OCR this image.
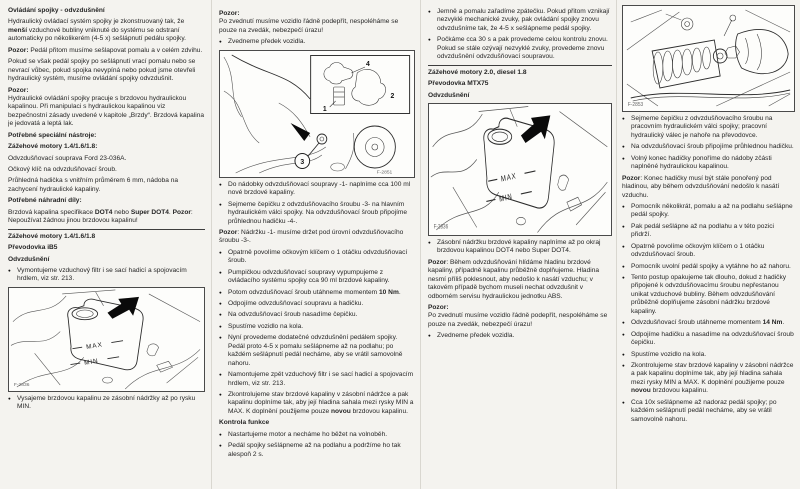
Ovládání spojky - odvzdušnění
Hydraulický ovládací systém spojky je zkonstruovaný tak, že menší vzduchové bubliny vniknuté do systému se odstraní automaticky po několikerém (4-5 x) sešlápnutí pedálu spojky.
Pozor: Pedál přitom musíme sešlapovat pomalu a v celém zdvihu.
Pokud se však pedál spojky po sešlápnutí vrací pomalu nebo se nevrací vůbec, pokud spojka nevypíná nebo pokud jsme otevřeli hydraulický systém, musíme ovládání spojky odvzdušnit.
Pozor:
Hydraulické ovládání spojky pracuje s brzdovou hydraulickou kapalinou. Při manipulaci s hydraulickou kapalinou viz bezpečnostní zásady uvedené v kapitole „Brzdy“. Brzdová kapalina je jedovatá a leptá lak.
Potřebné speciální nástroje:
Zážehové motory 1.4/1.6/1.8:
Odvzdušňovací souprava Ford 23-036A.
Očkový klíč na odvzdušňovací šroub.
Průhledná hadička s vnitřním průměrem 6 mm, nádoba na zachycení hydraulické kapaliny.
Potřebné náhradní díly:
Brzdová kapalina specifikace DOT4 nebo Super DOT4. Pozor: Nepoužívat žádnou jinou brzdovou kapalinu!
Zážehové motory 1.4/1.6/1.8
Převodovka iB5
Odvzdušnění
● Vymontujeme vzduchový filtr i se sací hadicí a spojovacím hrdlem, viz str. 213.
MAX
MIN
F-2836
● Vysajeme brzdovou kapalinu ze zásobní nádržky až po rysku MIN.
Pozor:
Po zvednutí musíme vozidlo řádně podepřít, nespoléháme se pouze na zvedák, nebezpečí úrazu!
● Zvedneme předek vozidla.
4
2
1
3
F-2851
● Do nádobky odvzdušňovací soupravy -1- naplníme cca 100 ml nové brzdové kapaliny.
● Sejmeme čepičku z odvzdušňovacího šroubu -3- na hlavním hydraulickém válci spojky. Na odvzdušňovací šroub připojíme průhlednou hadičku -4-.
Pozor: Nádržku -1- musíme držet pod úrovní odvzdušňovacího šroubu -3-.
● Opatrně povolíme očkovým klíčem o 1 otáčku odvzdušňovací šroub.
● Pumpičkou odvzdušňovací soupravy vypumpujeme z ovládacího systému spojky cca 90 ml brzdové kapaliny.
● Potom odvzdušňovací šroub utáhneme momentem 10 Nm.
● Odpojíme odvzdušňovací soupravu a hadičku.
● Na odvzdušňovací šroub nasadíme čepičku.
● Spustíme vozidlo na kola.
● Nyní provedeme dodatečné odvzdušnění pedálem spojky. Pedál proto 4-5 x pomalu sešlápneme až na podlahu; po každém sešlápnutí pedál necháme, aby se vrátil samovolně nahoru.
● Namontujeme zpět vzduchový filtr i se sací hadicí a spojovacím hrdlem, viz str. 213.
● Zkontrolujeme stav brzdové kapaliny v zásobní nádržce a pak kapalinu doplníme tak, aby její hladina sahala mezi rysky MIN a MAX. K doplnění použijeme pouze novou brzdovou kapalinu.
Kontrola funkce
● Nastartujeme motor a necháme ho běžet na volnoběh.
● Pedál spojky sešlápneme až na podlahu a podržíme ho tak alespoň 2 s.
● Jemně a pomalu zařadíme zpátečku. Pokud přitom vznikají nezvyklé mechanické zvuky, pak ovládání spojky znovu odvzdušníme tak, že 4-5 x sešlápneme pedál spojky.
● Počkáme cca 30 s a pak provedeme celou kontrolu znovu. Pokud se stále ozývají nezvyklé zvuky, provedeme znovu odvzdušnění odvzdušňovací soupravou.
Zážehové motory 2.0, diesel 1.8
Převodovka MTX75
Odvzdušnění
MAX
MIN
F-2836
● Zásobní nádržku brzdové kapaliny naplníme až po okraj brzdovou kapalinou DOT4 nebo Super DOT4.
Pozor: Během odvzdušňování hlídáme hladinu brzdové kapaliny, případně kapalinu průběžně doplňujeme. Hladina nesmí příliš poklesnout, aby nedošlo k nasátí vzduchu; v takovém případě bychom museli nechat odvzdušnit v odborném servisu hydraulickou jednotku ABS.
Pozor:
Po zvednutí musíme vozidlo řádně podepřít, nespoléháme se pouze na zvedák, nebezpečí úrazu!
● Zvedneme předek vozidla.
F-2853
● Sejmeme čepičku z odvzdušňovacího šroubu na pracovním hydraulickém válci spojky; pracovní hydraulický válec je nahoře na převodovce.
● Na odvzdušňovací šroub připojíme průhlednou hadičku.
● Volný konec hadičky ponoříme do nádoby zčásti naplněné hydraulickou kapalinou.
Pozor: Konec hadičky musí být stále ponořený pod hladinou, aby během odvzdušňování nedošlo k nasátí vzduchu.
● Pomocník několikrát, pomalu a až na podlahu sešlápne pedál spojky.
● Pak pedál sešlápne až na podlahu a v této pozici přidrží.
● Opatrně povolíme očkovým klíčem o 1 otáčku odvzdušňovací šroub.
● Pomocník uvolní pedál spojky a vytáhne ho až nahoru.
● Tento postup opakujeme tak dlouho, dokud z hadičky připojené k odvzdušňovacímu šroubu nepřestanou unikat vzduchové bubliny. Během odvzdušňování průběžně doplňujeme zásobní nádržku brzdové kapaliny.
● Odvzdušňovací šroub utáhneme momentem 14 Nm.
● Odpojíme hadičku a nasadíme na odvzdušňovací šroub čepičku.
● Spustíme vozidlo na kola.
● Zkontrolujeme stav brzdové kapaliny v zásobní nádržce a pak kapalinu doplníme tak, aby její hladina sahala mezi rysky MIN a MAX. K doplnění použijeme pouze novou brzdovou kapalinu.
● Cca 10x sešlápneme až nadoraz pedál spojky; po každém sešlápnutí pedál necháme, aby se vrátil samovolně nahoru.
